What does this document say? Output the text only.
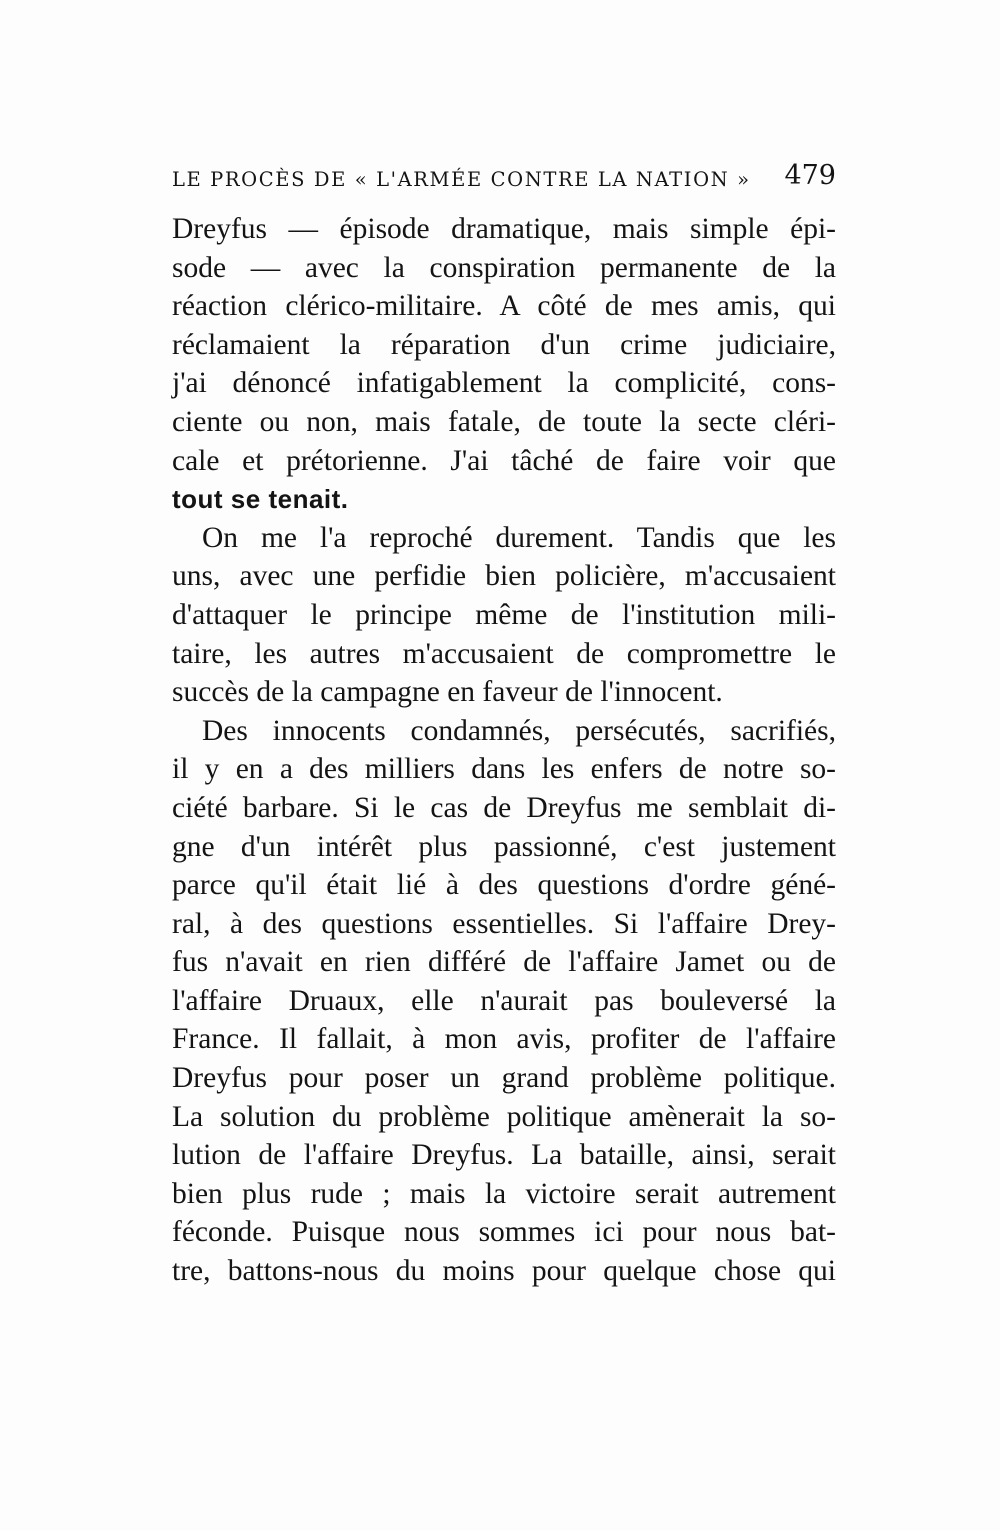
LE PROCÈS DE « L'ARMÉE CONTRE LA NATION » 479
Dreyfus — épisode dramatique, mais simple épi-
sode — avec la conspiration permanente de la
réaction clérico-militaire. A côté de mes amis, qui
réclamaient la réparation d'un crime judiciaire,
j'ai dénoncé infatigablement la complicité, cons-
ciente ou non, mais fatale, de toute la secte cléri-
cale et prétorienne. J'ai tâché de faire voir que
tout se tenait.
On me l'a reproché durement. Tandis que les
uns, avec une perfidie bien policière, m'accusaient
d'attaquer le principe même de l'institution mili-
taire, les autres m'accusaient de compromettre le
succès de la campagne en faveur de l'innocent.
Des innocents condamnés, persécutés, sacrifiés,
il y en a des milliers dans les enfers de notre so-
ciété barbare. Si le cas de Dreyfus me semblait di-
gne d'un intérêt plus passionné, c'est justement
parce qu'il était lié à des questions d'ordre géné-
ral, à des questions essentielles. Si l'affaire Drey-
fus n'avait en rien différé de l'affaire Jamet ou de
l'affaire Druaux, elle n'aurait pas bouleversé la
France. Il fallait, à mon avis, profiter de l'affaire
Dreyfus pour poser un grand problème politique.
La solution du problème politique amènerait la so-
lution de l'affaire Dreyfus. La bataille, ainsi, serait
bien plus rude ; mais la victoire serait autrement
féconde. Puisque nous sommes ici pour nous bat-
tre, battons-nous du moins pour quelque chose qui
